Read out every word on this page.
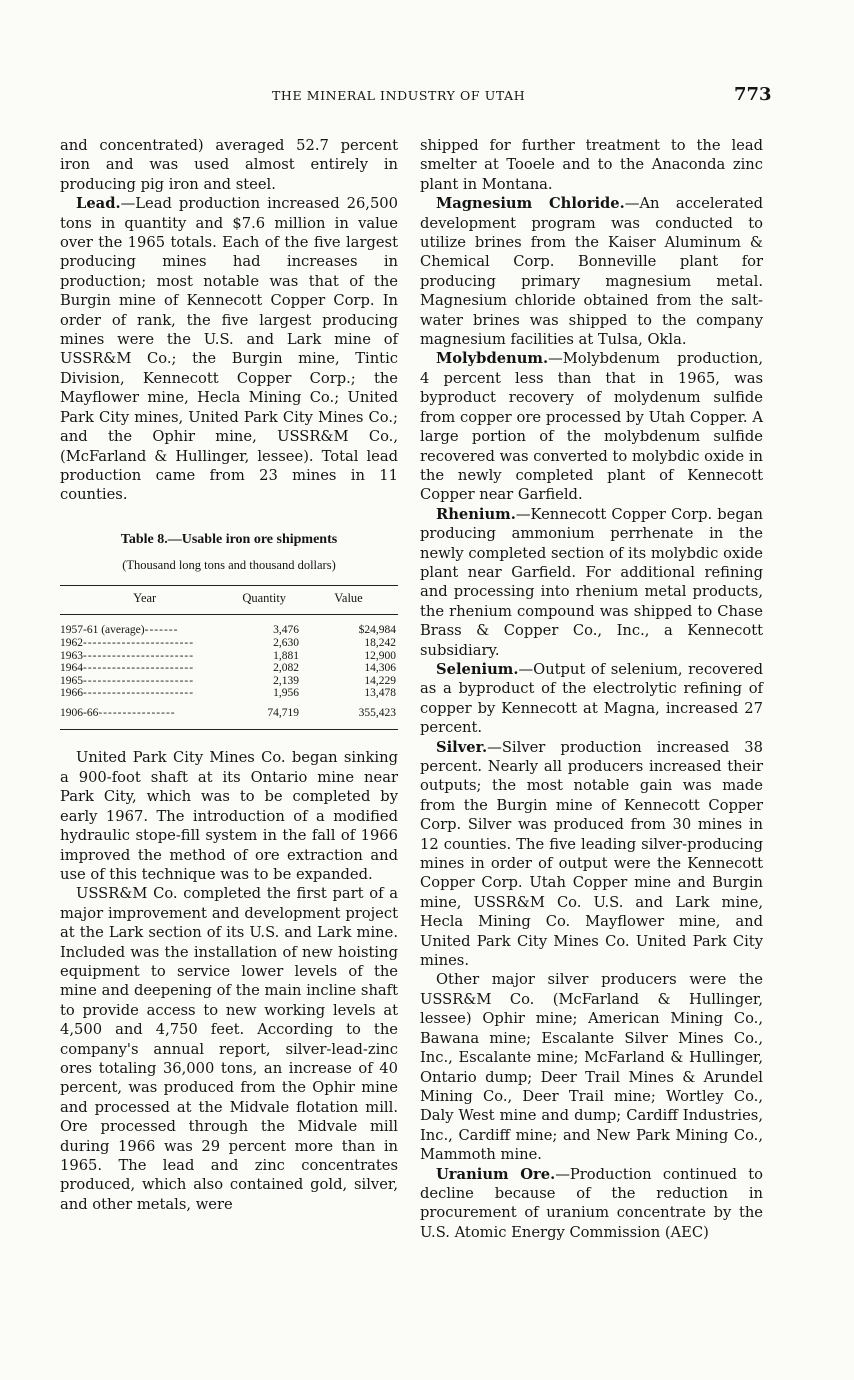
THE MINERAL INDUSTRY OF UTAH	773

and concentrated) averaged 52.7 percent iron and was used almost entirely in producing pig iron and steel.

Lead.—Lead production increased 26,500 tons in quantity and $7.6 million in value over the 1965 totals. Each of the five largest producing mines had increases in production; most notable was that of the Burgin mine of Kennecott Copper Corp. In order of rank, the five largest producing mines were the U.S. and Lark mine of USSR&M Co.; the Burgin mine, Tintic Division, Kennecott Copper Corp.; the Mayflower mine, Hecla Mining Co.; United Park City mines, United Park City Mines Co.; and the Ophir mine, USSR&M Co., (McFarland & Hullinger, lessee). Total lead production came from 23 mines in 11 counties.

Table 8.—Usable iron ore shipments
(Thousand long tons and thousand dollars)
Year	Quantity	Value
1957-61 (average)-------	3,476	$24,984
1962-----------------------	2,630	18,242
1963-----------------------	1,881	12,900
1964-----------------------	2,082	14,306
1965-----------------------	2,139	14,229
1966-----------------------	1,956	13,478
1906-66----------------	74,719	355,423

United Park City Mines Co. began sinking a 900-foot shaft at its Ontario mine near Park City, which was to be completed by early 1967. The introduction of a modified hydraulic stope-fill system in the fall of 1966 improved the method of ore extraction and use of this technique was to be expanded.

USSR&M Co. completed the first part of a major improvement and development project at the Lark section of its U.S. and Lark mine. Included was the installation of new hoisting equipment to service lower levels of the mine and deepening of the main incline shaft to provide access to new working levels at 4,500 and 4,750 feet. According to the company's annual report, silver-lead-zinc ores totaling 36,000 tons, an increase of 40 percent, was produced from the Ophir mine and processed at the Midvale flotation mill. Ore processed through the Midvale mill during 1966 was 29 percent more than in 1965. The lead and zinc concentrates produced, which also contained gold, silver, and other metals, were

shipped for further treatment to the lead smelter at Tooele and to the Anaconda zinc plant in Montana.

Magnesium Chloride.—An accelerated development program was conducted to utilize brines from the Kaiser Aluminum & Chemical Corp. Bonneville plant for producing primary magnesium metal. Magnesium chloride obtained from the salt-water brines was shipped to the company magnesium facilities at Tulsa, Okla.

Molybdenum.—Molybdenum production, 4 percent less than that in 1965, was byproduct recovery of molydenum sulfide from copper ore processed by Utah Copper. A large portion of the molybdenum sulfide recovered was converted to molybdic oxide in the newly completed plant of Kennecott Copper near Garfield.

Rhenium.—Kennecott Copper Corp. began producing ammonium perrhenate in the newly completed section of its molybdic oxide plant near Garfield. For additional refining and processing into rhenium metal products, the rhenium compound was shipped to Chase Brass & Copper Co., Inc., a Kennecott subsidiary.

Selenium.—Output of selenium, recovered as a byproduct of the electrolytic refining of copper by Kennecott at Magna, increased 27 percent.

Silver.—Silver production increased 38 percent. Nearly all producers increased their outputs; the most notable gain was made from the Burgin mine of Kennecott Copper Corp. Silver was produced from 30 mines in 12 counties. The five leading silver-producing mines in order of output were the Kennecott Copper Corp. Utah Copper mine and Burgin mine, USSR&M Co. U.S. and Lark mine, Hecla Mining Co. Mayflower mine, and United Park City Mines Co. United Park City mines.

Other major silver producers were the USSR&M Co. (McFarland & Hullinger, lessee) Ophir mine; American Mining Co., Bawana mine; Escalante Silver Mines Co., Inc., Escalante mine; McFarland & Hullinger, Ontario dump; Deer Trail Mines & Arundel Mining Co., Deer Trail mine; Wortley Co., Daly West mine and dump; Cardiff Industries, Inc., Cardiff mine; and New Park Mining Co., Mammoth mine.

Uranium Ore.—Production continued to decline because of the reduction in procurement of uranium concentrate by the U.S. Atomic Energy Commission (AEC)
